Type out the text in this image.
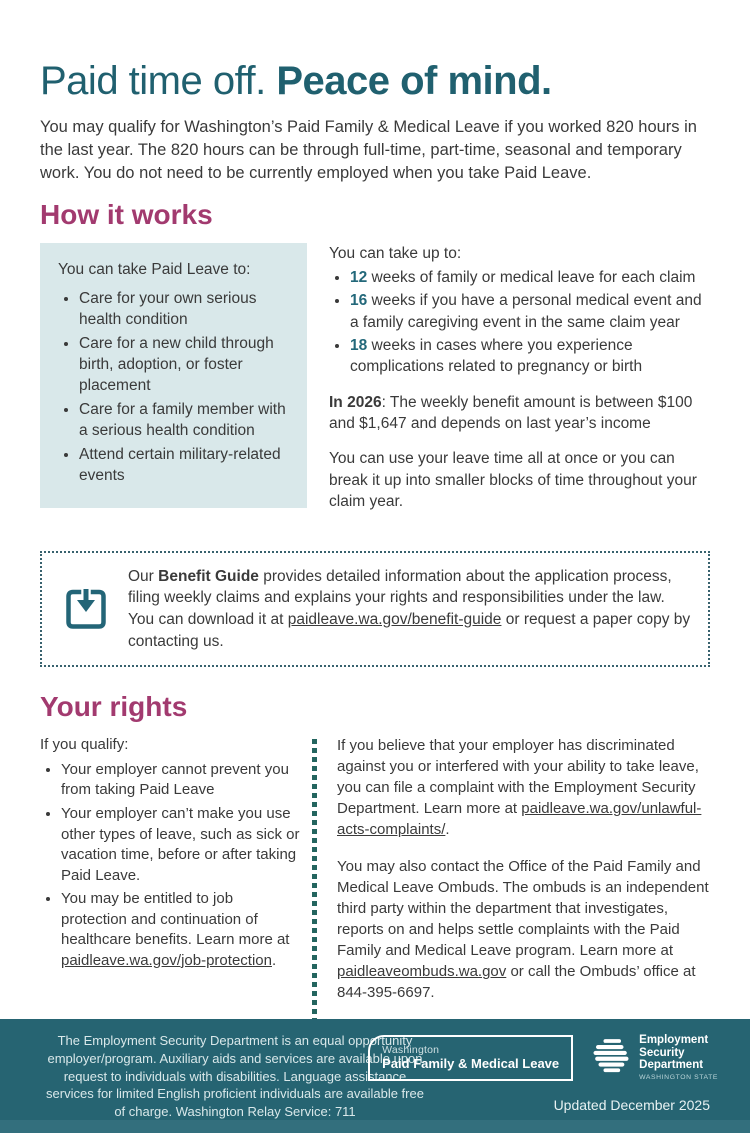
Paid time off. Peace of mind.

You may qualify for Washington’s Paid Family & Medical Leave if you worked 820 hours in the last year. The 820 hours can be through full-time, part-time, seasonal and temporary work. You do not need to be currently employed when you take Paid Leave.

How it works

You can take Paid Leave to:

• Care for your own serious health condition
• Care for a new child through birth, adoption, or foster placement
• Care for a family member with a serious health condition
• Attend certain military-related events

You can take up to:

• 12 weeks of family or medical leave for each claim
• 16 weeks if you have a personal medical event and a family caregiving event in the same claim year
• 18 weeks in cases where you experience complications related to pregnancy or birth

In 2026: The weekly benefit amount is between $100 and $1,647 and depends on last year’s income

You can use your leave time all at once or you can break it up into smaller blocks of time throughout your claim year.

Our Benefit Guide provides detailed information about the application process, filing weekly claims and explains your rights and responsibilities under the law. You can download it at paidleave.wa.gov/benefit-guide or request a paper copy by contacting us.

Your rights

If you qualify:

• Your employer cannot prevent you from taking Paid Leave
• Your employer can’t make you use other types of leave, such as sick or vacation time, before or after taking Paid Leave.
• You may be entitled to job protection and continuation of healthcare benefits. Learn more at paidleave.wa.gov/job-protection.

If you believe that your employer has discriminated against you or interfered with your ability to take leave, you can file a complaint with the Employment Security Department. Learn more at paidleave.wa.gov/unlawful-acts-complaints/.

You may also contact the Office of the Paid Family and Medical Leave Ombuds. The ombuds is an independent third party within the department that investigates, reports on and helps settle complaints with the Paid Family and Medical Leave program. Learn more at paidleaveombuds.wa.gov or call the Ombuds’ office at 844-395-6697.

The Employment Security Department is an equal opportunity employer/program. Auxiliary aids and services are available upon request to individuals with disabilities. Language assistance services for limited English proficient individuals are available free of charge. Washington Relay Service: 711

Washington
Paid Family & Medical Leave
Employment
Security
Department
WASHINGTON STATE
Updated December 2025
